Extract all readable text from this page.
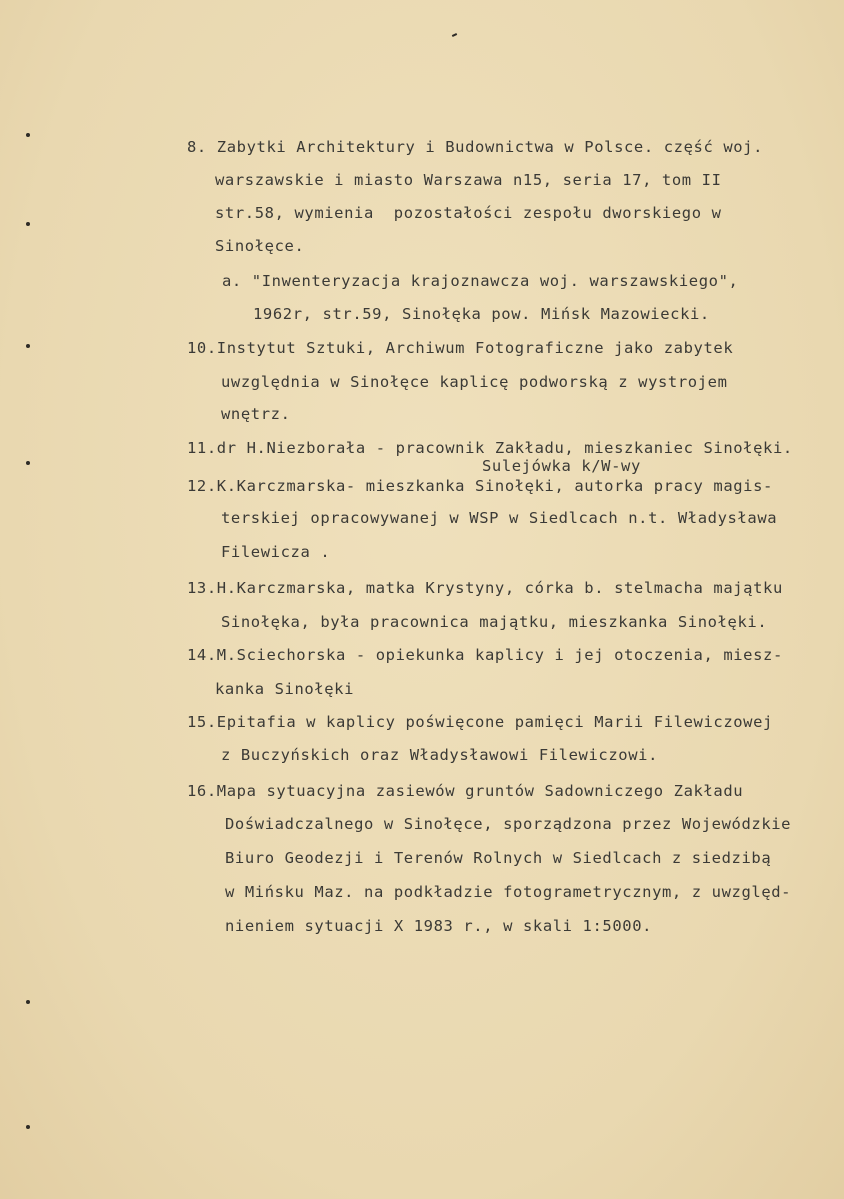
8. Zabytki Architektury i Budownictwa w Polsce. część woj.
warszawskie i miasto Warszawa n15, seria 17, tom II
str.58, wymienia  pozostałości zespołu dworskiego w
Sinołęce.
a. "Inwenteryzacja krajoznawcza woj. warszawskiego",
1962r, str.59, Sinołęka pow. Mińsk Mazowiecki.
10.Instytut Sztuki, Archiwum Fotograficzne jako zabytek
uwzględnia w Sinołęce kaplicę podworską z wystrojem
wnętrz.
11.dr H.Niezborała - pracownik Zakładu, mieszkaniec Sinołęki.
Sulejówka k/W-wy
12.K.Karczmarska- mieszkanka Sinołęki, autorka pracy magis-
terskiej opracowywanej w WSP w Siedlcach n.t. Władysława
Filewicza .
13.H.Karczmarska, matka Krystyny, córka b. stelmacha majątku
Sinołęka, była pracownica majątku, mieszkanka Sinołęki.
14.M.Sciechorska - opiekunka kaplicy i jej otoczenia, miesz-
kanka Sinołęki
15.Epitafia w kaplicy poświęcone pamięci Marii Filewiczowej
z Buczyńskich oraz Władysławowi Filewiczowi.
16.Mapa sytuacyjna zasiewów gruntów Sadowniczego Zakładu
Doświadczalnego w Sinołęce, sporządzona przez Wojewódzkie
Biuro Geodezji i Terenów Rolnych w Siedlcach z siedzibą
w Mińsku Maz. na podkładzie fotogrametrycznym, z uwzględ-
nieniem sytuacji X 1983 r., w skali 1:5000.
